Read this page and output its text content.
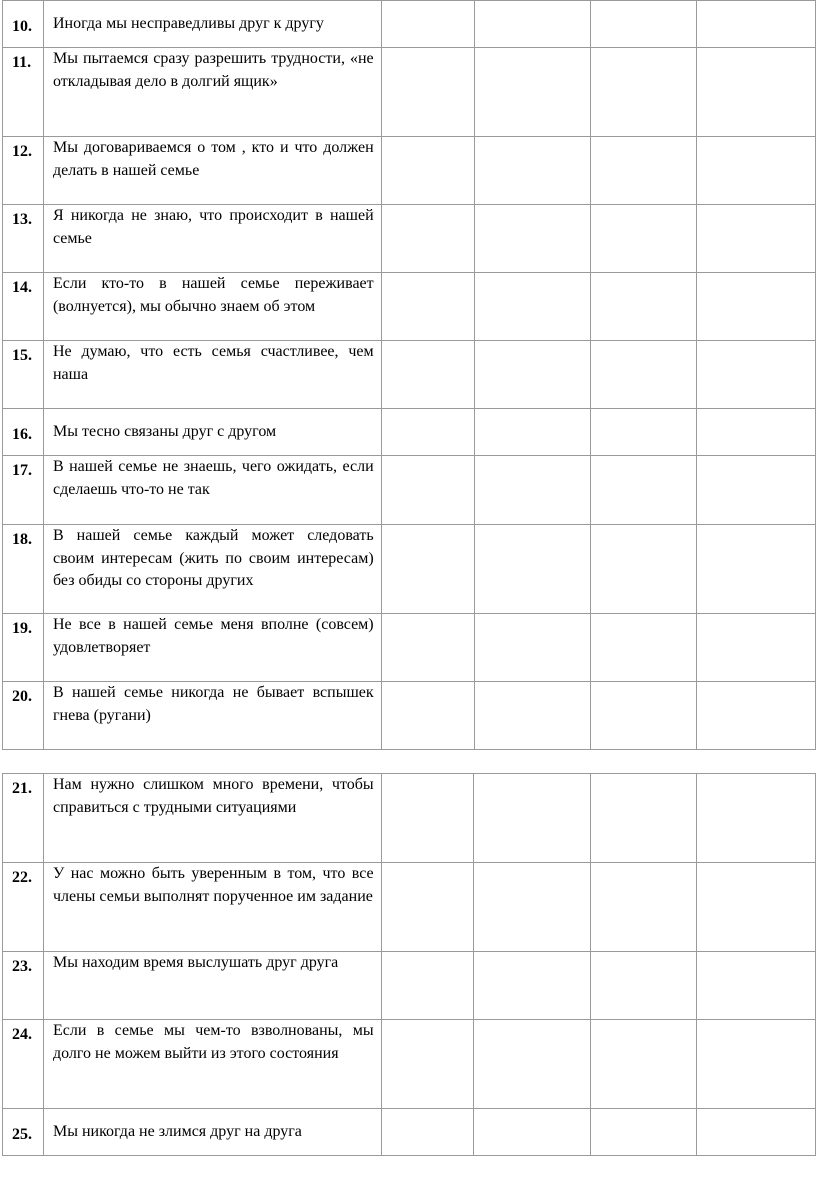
10.	Иногда мы несправедливы друг к другу				
11.	Мы пытаемся сразу разрешить трудности, «не откладывая дело в долгий ящик»				
12.	Мы договариваемся о том , кто и что должен делать в нашей семье				
13.	Я никогда не знаю, что происходит в нашей семье				
14.	Если кто-то в нашей семье переживает (волнуется), мы обычно знаем об этом				
15.	Не думаю, что есть семья счастливее, чем наша				
16.	Мы тесно связаны друг с другом				
17.	В нашей семье не знаешь, чего ожидать, если сделаешь что-то не так				
18.	В нашей семье каждый может следовать своим интересам (жить по своим интересам) без обиды со стороны других				
19.	Не все в нашей семье меня вполне (совсем) удовлетворяет				
20.	В нашей семье никогда не бывает вспышек гнева (ругани)				
21.	Нам нужно слишком много времени, чтобы справиться с трудными ситуациями				
22.	У нас можно быть уверенным в том, что все члены семьи выполнят порученное им задание				
23.	Мы находим время выслушать друг друга				
24.	Если в семье мы чем-то взволнованы, мы долго не можем выйти из этого состояния				
25.	Мы никогда не злимся друг на друга				
